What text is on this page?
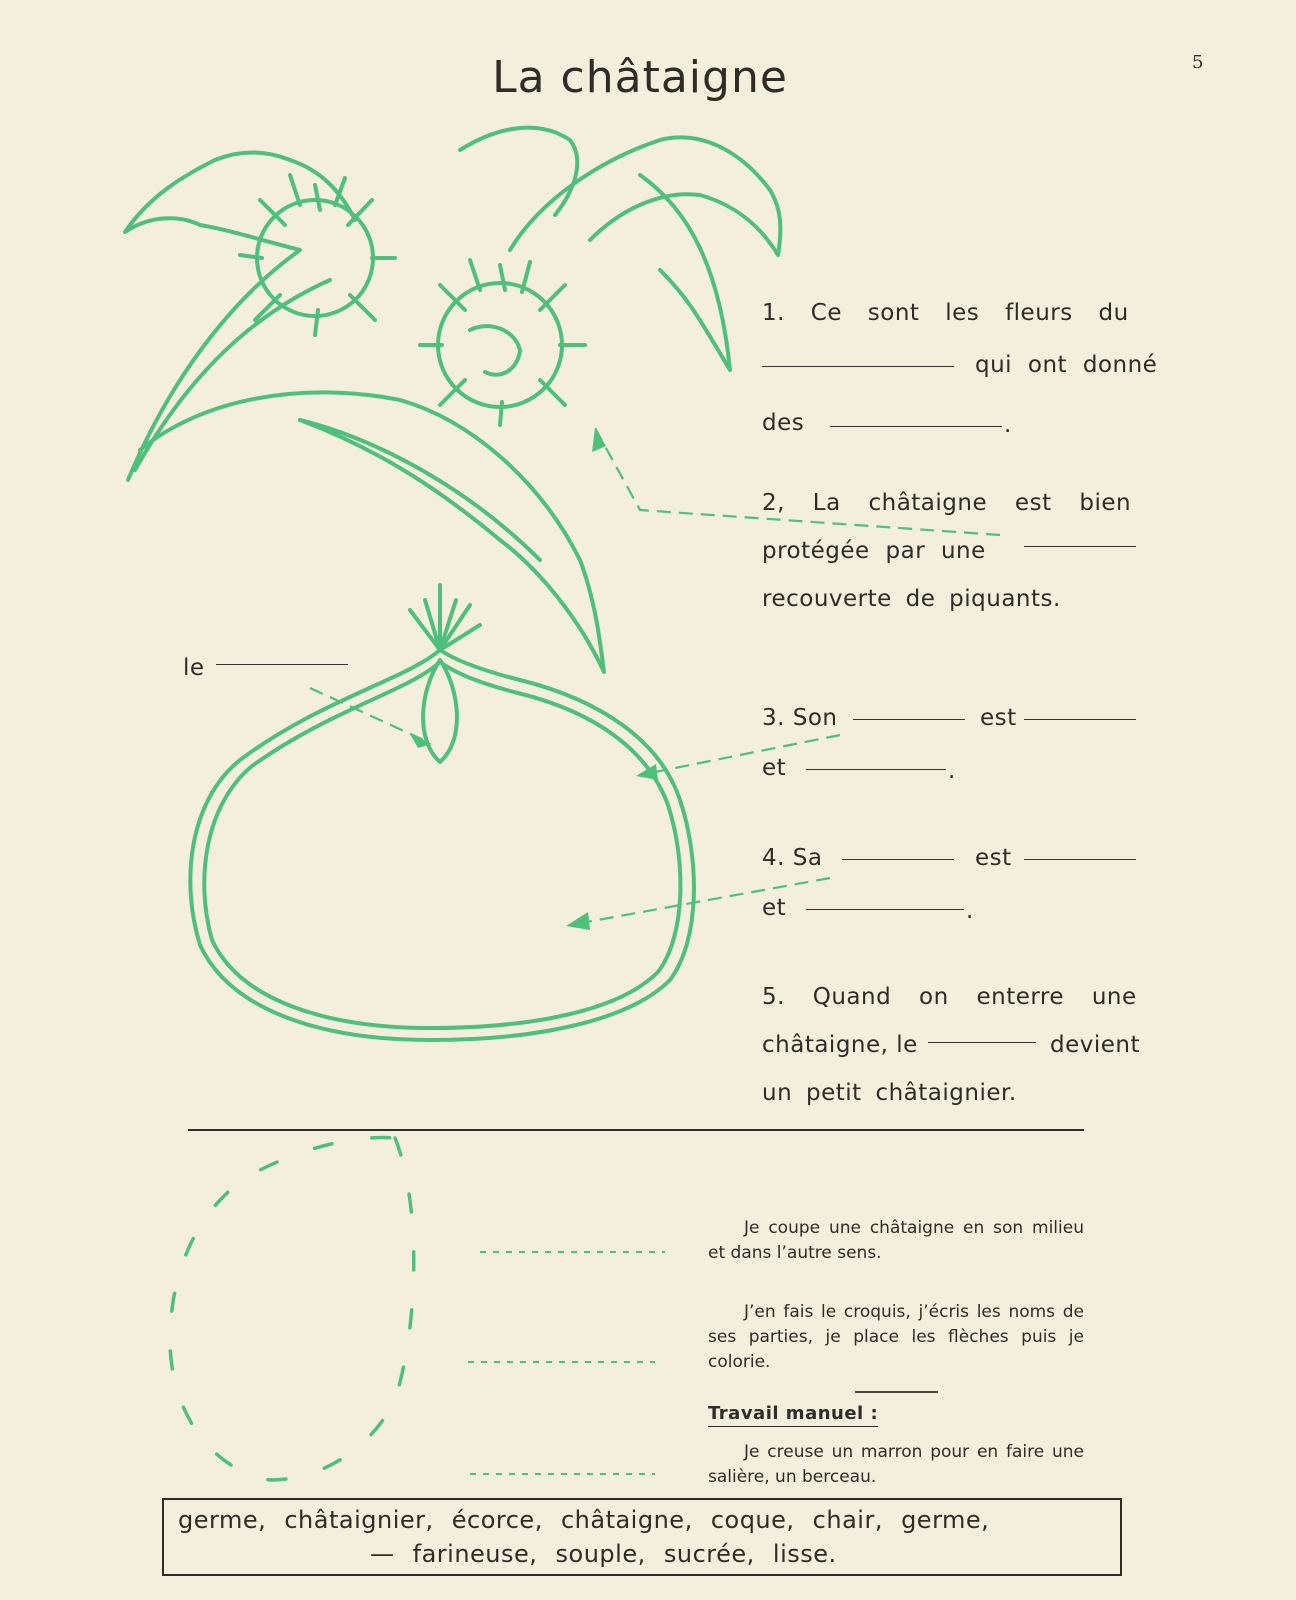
La châtaigne	5
1. Ce sont les fleurs du
qui ont donné
des	.
2, La châtaigne est bien
protégée par une
recouverte de piquants.
le
3. Son	est
et	.
4. Sa	est
et	.
5. Quand on enterre une
châtaigne, le	devient
un petit châtaignier.
Je coupe une châtaigne en son milieu et dans l’autre sens.
J’en fais le croquis, j’écris les noms de ses parties, je place les flèches puis je colorie.
Travail manuel :
Je creuse un marron pour en faire une salière, un berceau.
germe, châtaignier, écorce, châtaigne, coque, chair, germe,
— farineuse, souple, sucrée, lisse.
